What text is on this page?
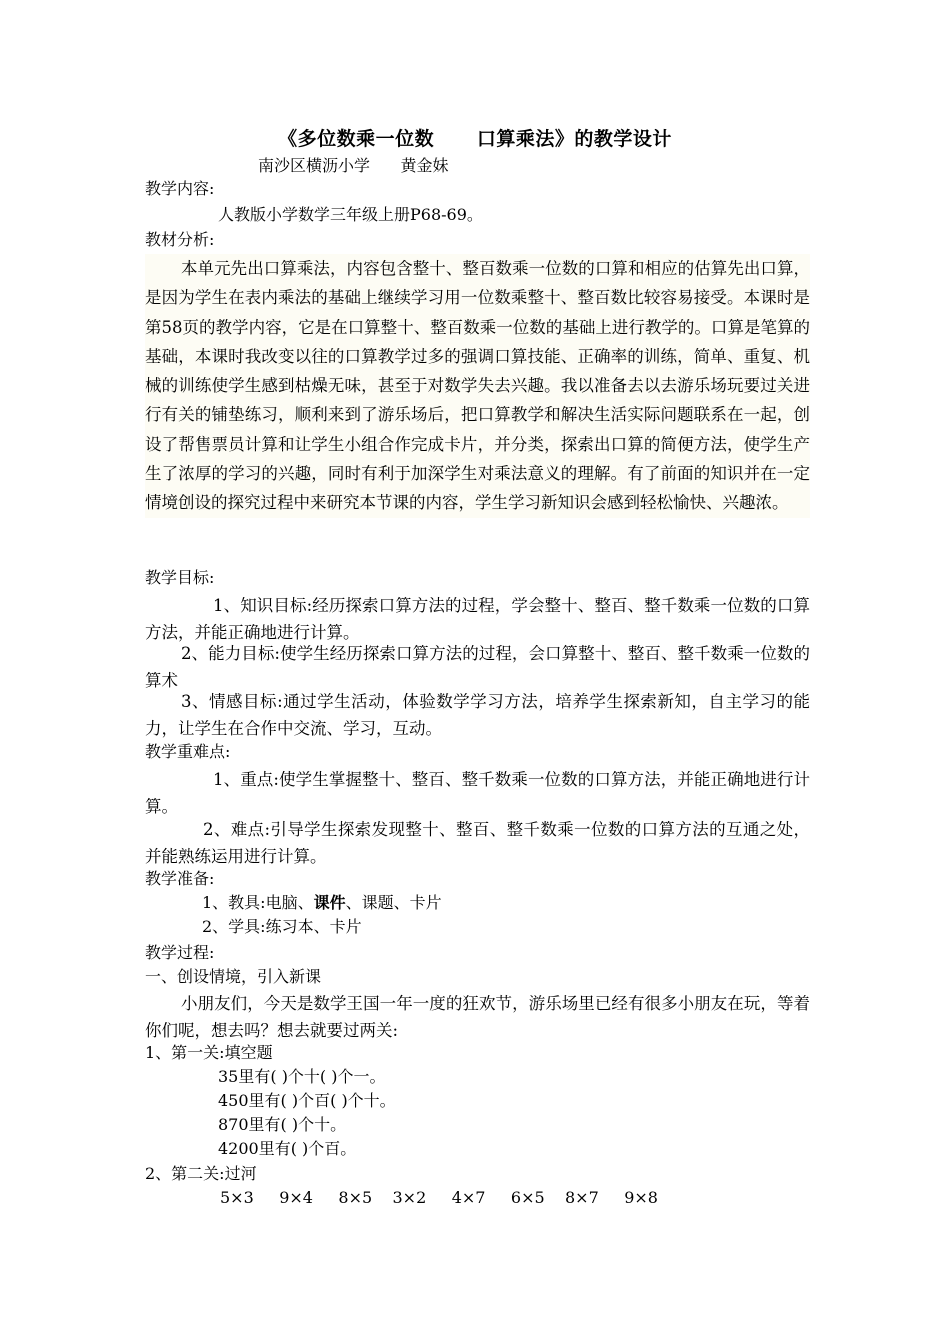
《多位数乘一位数      口算乘法》的教学设计
南沙区横沥小学      黄金妹
教学内容:
人教版小学数学三年级上册P68-69。
教材分析:
本单元先出口算乘法，内容包含整十、整百数乘一位数的口算和相应的估算先出口算，是因为学生在表内乘法的基础上继续学习用一位数乘整十、整百数比较容易接受。本课时是第58页的教学内容，它是在口算整十、整百数乘一位数的基础上进行教学的。口算是笔算的基础，本课时我改变以往的口算教学过多的强调口算技能、正确率的训练，简单、重复、机械的训练使学生感到枯燥无味，甚至于对数学失去兴趣。我以准备去以去游乐场玩要过关进行有关的铺垫练习，顺利来到了游乐场后，把口算教学和解决生活实际问题联系在一起，创设了帮售票员计算和让学生小组合作完成卡片，并分类，探索出口算的简便方法，使学生产生了浓厚的学习的兴趣，同时有利于加深学生对乘法意义的理解。有了前面的知识并在一定情境创设的探究过程中来研究本节课的内容，学生学习新知识会感到轻松愉快、兴趣浓。
教学目标:
1、知识目标:经历探索口算方法的过程，学会整十、整百、整千数乘一位数的口算方法，并能正确地进行计算。
2、能力目标:使学生经历探索口算方法的过程，会口算整十、整百、整千数乘一位数的算术
3、情感目标:通过学生活动，体验数学学习方法，培养学生探索新知，自主学习的能力，让学生在合作中交流、学习，互动。
教学重难点:
1、重点:使学生掌握整十、整百、整千数乘一位数的口算方法，并能正确地进行计算。
2、难点:引导学生探索发现整十、整百、整千数乘一位数的口算方法的互通之处，并能熟练运用进行计算。
教学准备:
1、教具:电脑、课件、课题、卡片
2、学具:练习本、卡片
教学过程:
一、创设情境，引入新课
小朋友们，今天是数学王国一年一度的狂欢节，游乐场里已经有很多小朋友在玩，等着你们呢，想去吗？想去就要过两关:
1、第一关:填空题
35里有( )个十( )个一。
450里有( )个百( )个十。
870里有( )个十。
4200里有( )个百。
2、第二关:过河
5×3     9×4     8×5    3×2     4×7     6×5    8×7     9×8
